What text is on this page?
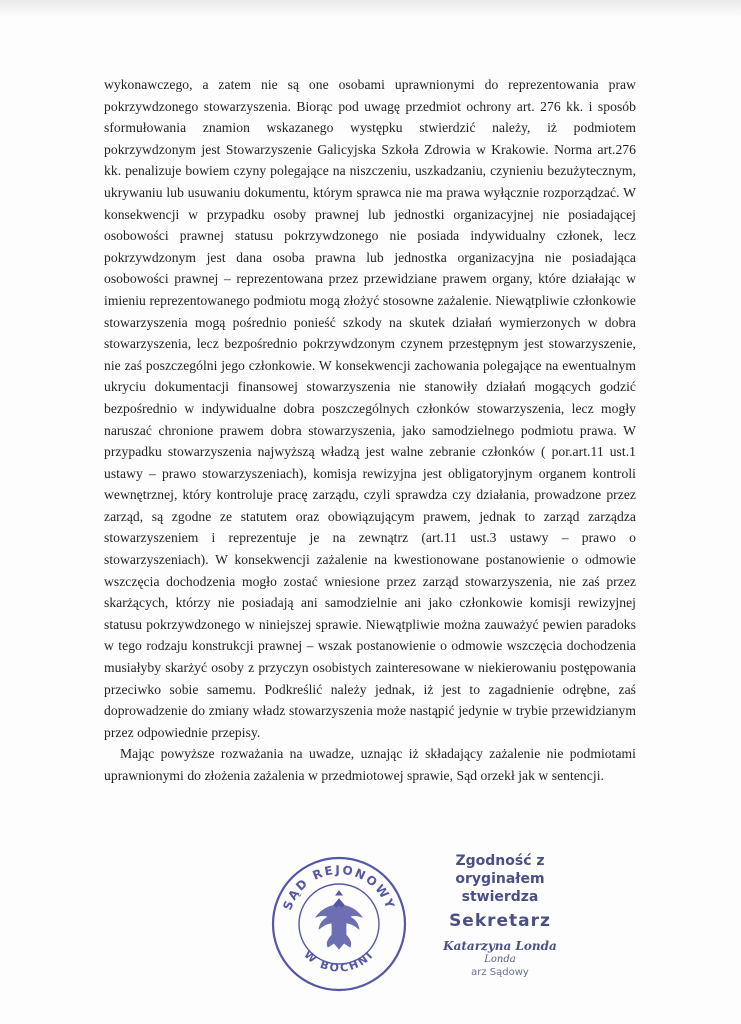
wykonawczego, a zatem nie są one osobami uprawnionymi do reprezentowania praw pokrzywdzonego stowarzyszenia. Biorąc pod uwagę przedmiot ochrony art. 276 kk. i sposób sformułowania znamion wskazanego występku stwierdzić należy, iż podmiotem pokrzywdzonym jest Stowarzyszenie Galicyjska Szkoła Zdrowia w Krakowie. Norma art.276 kk. penalizuje bowiem czyny polegające na niszczeniu, uszkadzaniu, czynieniu bezużytecznym, ukrywaniu lub usuwaniu dokumentu, którym sprawca nie ma prawa wyłącznie rozporządzać. W konsekwencji w przypadku osoby prawnej lub jednostki organizacyjnej nie posiadającej osobowości prawnej statusu pokrzywdzonego nie posiada indywidualny członek, lecz pokrzywdzonym jest dana osoba prawna lub jednostka organizacyjna nie posiadająca osobowości prawnej – reprezentowana przez przewidziane prawem organy, które działając w imieniu reprezentowanego podmiotu mogą złożyć stosowne zażalenie. Niewątpliwie członkowie stowarzyszenia mogą pośrednio ponieść szkody na skutek działań wymierzonych w dobra stowarzyszenia, lecz bezpośrednio pokrzywdzonym czynem przestępnym jest stowarzyszenie, nie zaś poszczególni jego członkowie. W konsekwencji zachowania polegające na ewentualnym ukryciu dokumentacji finansowej stowarzyszenia nie stanowiły działań mogących godzić bezpośrednio w indywidualne dobra poszczególnych członków stowarzyszenia, lecz mogły naruszać chronione prawem dobra stowarzyszenia, jako samodzielnego podmiotu prawa. W przypadku stowarzyszenia najwyższą władzą jest walne zebranie członków ( por.art.11 ust.1 ustawy – prawo stowarzyszeniach), komisja rewizyjna jest obligatoryjnym organem kontroli wewnętrznej, który kontroluje pracę zarządu, czyli sprawdza czy działania, prowadzone przez zarząd, są zgodne ze statutem oraz obowiązującym prawem, jednak to zarząd zarządza stowarzyszeniem i reprezentuje je na zewnątrz (art.11 ust.3 ustawy – prawo o stowarzyszeniach). W konsekwencji zażalenie na kwestionowane postanowienie o odmowie wszczęcia dochodzenia mogło zostać wniesione przez zarząd stowarzyszenia, nie zaś przez skarżących, którzy nie posiadają ani samodzielnie ani jako członkowie komisji rewizyjnej statusu pokrzywdzonego w niniejszej sprawie. Niewątpliwie można zauważyć pewien paradoks w tego rodzaju konstrukcji prawnej – wszak postanowienie o odmowie wszczęcia dochodzenia musiałyby skarżyć osoby z przyczyn osobistych zainteresowane w niekierowaniu postępowania przeciwko sobie samemu. Podkreślić należy jednak, iż jest to zagadnienie odrębne, zaś doprowadzenie do zmiany władz stowarzyszenia może nastąpić jedynie w trybie przewidzianym przez odpowiednie przepisy.

Mając powyższe rozważania na uwadze, uznając iż składający zażalenie nie podmiotami uprawnionymi do złożenia zażalenia w przedmiotowej sprawie, Sąd orzekł jak w sentencji.

SĄD REJONOWY
W BOCHNI
Zgodność z oryginałem
stwierdza
Sekretarz
Katarzyna Londa
Londa
arz Sądowy
